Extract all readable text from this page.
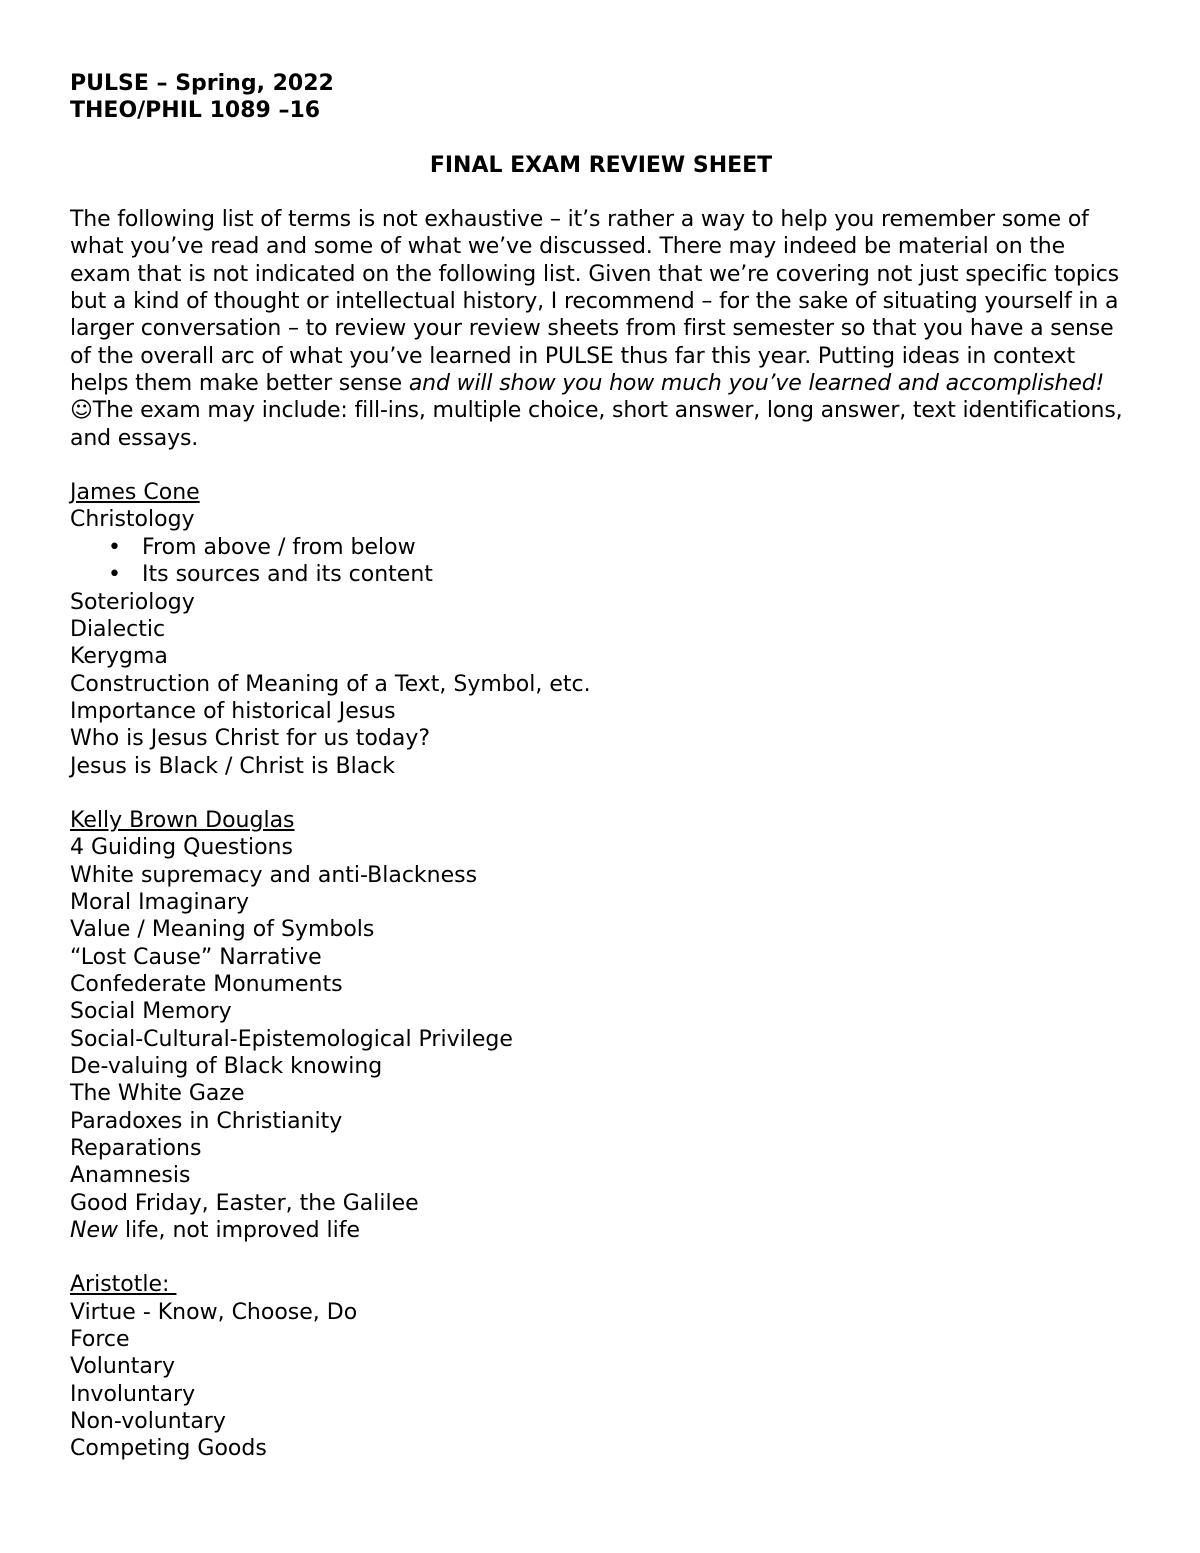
PULSE – Spring, 2022
THEO/PHIL 1089 –16
FINAL EXAM REVIEW SHEET

The following list of terms is not exhaustive – it’s rather a way to help you remember some of what you’ve read and some of what we’ve discussed. There may indeed be material on the exam that is not indicated on the following list. Given that we’re covering not just specific topics but a kind of thought or intellectual history, I recommend – for the sake of situating yourself in a larger conversation – to review your review sheets from first semester so that you have a sense of the overall arc of what you’ve learned in PULSE thus far this year. Putting ideas in context helps them make better sense and will show you how much you’ve learned and accomplished! ☺The exam may include: fill-ins, multiple choice, short answer, long answer, text identifications, and essays.

James Cone
Christology
• From above / from below
• Its sources and its content
Soteriology
Dialectic
Kerygma
Construction of Meaning of a Text, Symbol, etc.
Importance of historical Jesus
Who is Jesus Christ for us today?
Jesus is Black / Christ is Black
Kelly Brown Douglas
4 Guiding Questions
White supremacy and anti-Blackness
Moral Imaginary
Value / Meaning of Symbols
“Lost Cause” Narrative
Confederate Monuments
Social Memory
Social-Cultural-Epistemological Privilege
De-valuing of Black knowing
The White Gaze
Paradoxes in Christianity
Reparations
Anamnesis
Good Friday, Easter, the Galilee
New life, not improved life
Aristotle:
Virtue - Know, Choose, Do
Force
Voluntary
Involuntary
Non-voluntary
Competing Goods
